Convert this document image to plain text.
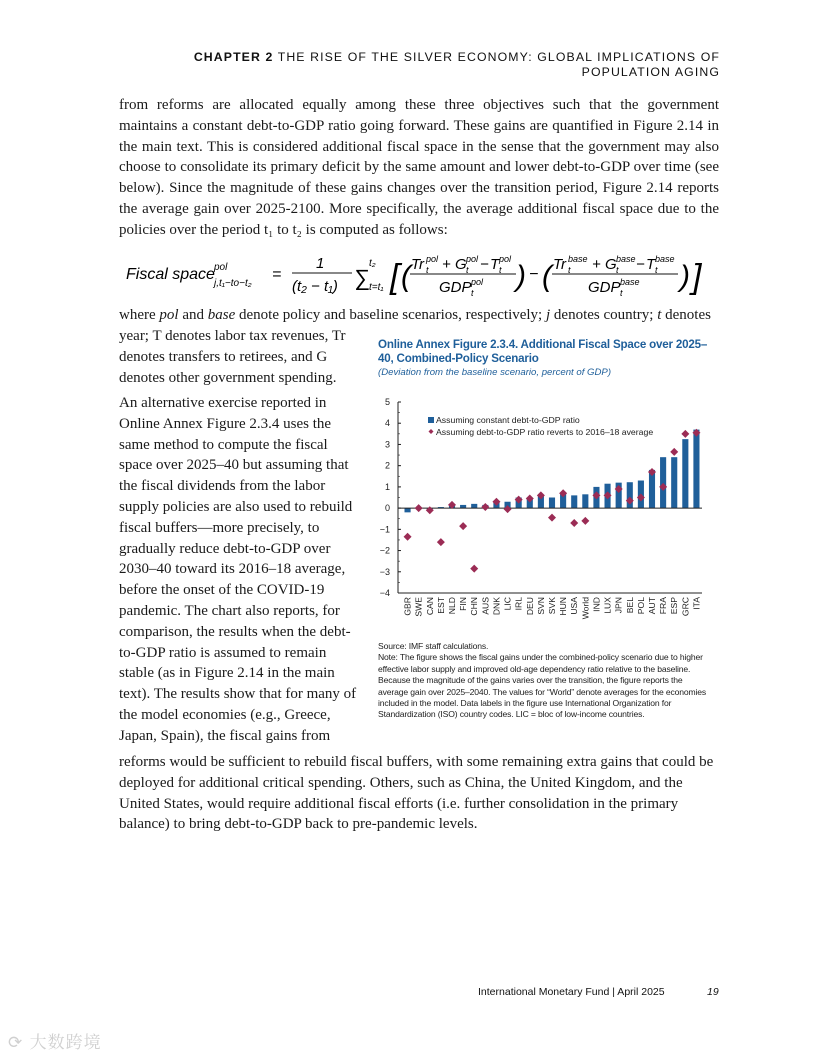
CHAPTER 2 THE RISE OF THE SILVER ECONOMY: GLOBAL IMPLICATIONS OF POPULATION AGING
from reforms are allocated equally among these three objectives such that the government maintains a constant debt-to-GDP ratio going forward. These gains are quantified in Figure 2.14 in the main text. This is considered additional fiscal space in the sense that the government may also choose to consolidate its primary deficit by the same amount and lower debt-to-GDP over time (see below). Since the magnitude of these gains changes over the transition period, Figure 2.14 reports the average gain over 2025-2100. More specifically, the average additional fiscal space due to the policies over the period t₁ to t₂ is computed as follows:
Fiscal space pol
j,t₁−to−t₂
=
1
(t₂ − t₁) ∑
t₂
t=t₁ [ ( Tr pol
t + G pol
t − T pol
t
GDP pol
t ) − ( Tr base
t + G base
t − T base
t
GDP base
t ) ]
where pol and base denote policy and baseline scenarios, respectively; j denotes country; t denotes
year; T denotes labor tax revenues, Tr denotes transfers to retirees, and G denotes other government spending.
An alternative exercise reported in Online Annex Figure 2.3.4 uses the same method to compute the fiscal space over 2025–40 but assuming that the fiscal dividends from the labor supply policies are also used to rebuild fiscal buffers—more precisely, to gradually reduce debt-to-GDP over 2030–40 toward its 2016–18 average, before the onset of the COVID-19 pandemic. The chart also reports, for comparison, the results when the debt-to-GDP ratio is assumed to remain stable (as in Figure 2.14 in the main text). The results show that for many of the model economies (e.g., Greece, Japan, Spain), the fiscal gains from
Online Annex Figure 2.3.4. Additional Fiscal Space over 2025–40, Combined-Policy Scenario
(Deviation from the baseline scenario, percent of GDP)
−4
−3
−2
−1
0
1
2
3
4
5
GBR SWE CAN EST NLD FIN CHN AUS DNK LIC IRL DEU SVN SVK HUN USA World IND LUX JPN BEL POL AUT FRA ESP GRC ITA
Assuming constant debt-to-GDP ratio
Assuming debt-to-GDP ratio reverts to 2016–18 average
Source: IMF staff calculations.
Note: The figure shows the fiscal gains under the combined-policy scenario due to higher effective labor supply and improved old-age dependency ratio relative to the baseline. Because the magnitude of the gains varies over the transition, the figure reports the average gain over 2025–2040. The values for “World” denote averages for the economies included in the model. Data labels in the figure use International Organization for Standardization (ISO) country codes. LIC = bloc of low-income countries.
reforms would be sufficient to rebuild fiscal buffers, with some remaining extra gains that could be deployed for additional critical spending. Others, such as China, the United Kingdom, and the United States, would require additional fiscal efforts (i.e. further consolidation in the primary balance) to bring debt-to-GDP back to pre-pandemic levels.
International Monetary Fund | April 2025	19
⟳ 大数跨境
